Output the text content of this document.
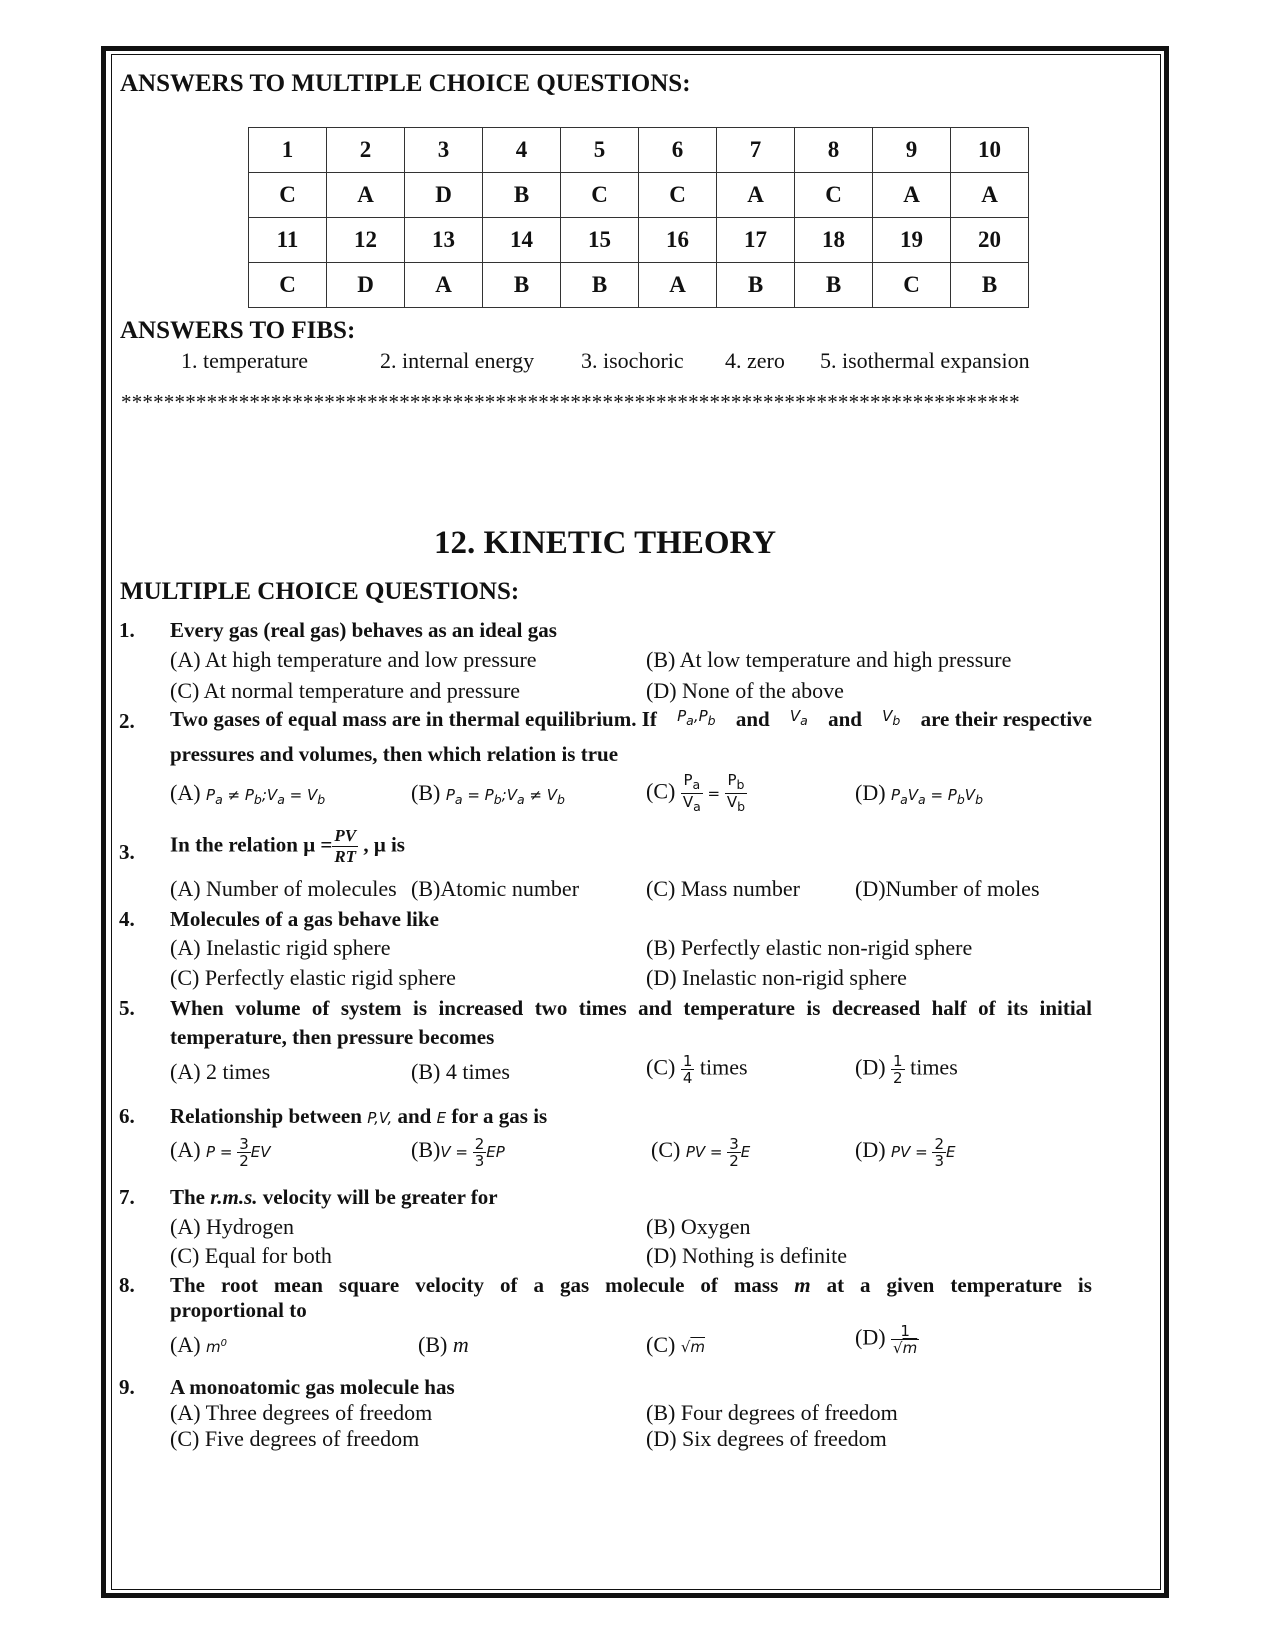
ANSWERS TO MULTIPLE CHOICE QUESTIONS:
1	2	3	4	5	6	7	8	9	10
C	A	D	B	C	C	A	C	A	A
11	12	13	14	15	16	17	18	19	20
C	D	A	B	B	A	B	B	C	B
ANSWERS TO FIBS:
1. temperature	2. internal energy 3. isochoric 4. zero 5. isothermal expansion
************************************************************************************
12. KINETIC THEORY
MULTIPLE CHOICE QUESTIONS:
1. Every gas (real gas) behaves as an ideal gas
(A) At high temperature and low pressure	(B) At low temperature and high pressure
(C) At normal temperature and pressure	(D) None of the above
2. Two gases of equal mass are in thermal equilibrium. If $P_a,P_b$ and $V_a$ and $V_b$ are their respective
pressures and volumes, then which relation is true
(A) $P_a$ ≠ $P_b;V_a = V_b$	(B) $P_a$ = $P_b;V_a \ne V_b$	$(C) \frac{P_a}{V_a} = \frac{P_b}{V_b}$	(D) $P_aV_a = P_bV_b$
3. In the relation $\mu = \frac{PV}{RT}$ , μ is
(A) Number of molecules (B)Atomic number	(C) Mass number	(D)Number of moles
4. Molecules of a gas behave like
(A) Inelastic rigid sphere	(B) Perfectly elastic non-rigid sphere
(C) Perfectly elastic rigid sphere	(D) Inelastic non-rigid sphere
5. When volume of system is increased two times and temperature is decreased half of its initial
temperature, then pressure becomes
(A) 2 times	(B) 4 times	$(C) \frac{1}{4}$ times	$(D) \frac{1}{2}$ times
6. Relationship between P,V, and E for a gas is
(A) $P = \frac{3}{2}$ EV	$(B)V = \frac{2}{3}$ EP	(C) PV = $\frac{3}{2}$ E	(D) PV = $\frac{2}{3}$ E
7. The r.m.s. velocity will be greater for
(A) Hydrogen	(B) Oxygen
(C) Equal for both	(D) Nothing is definite
8. The root mean square velocity of a gas molecule of mass m at a given temperature is
proportional to
(A) $m^0$	(B) m	(C) √m	$(D) \frac{1}{√m}$
9. A monoatomic gas molecule has
(A) Three degrees of freedom	(B) Four degrees of freedom
(C) Five degrees of freedom	(D) Six degrees of freedom
